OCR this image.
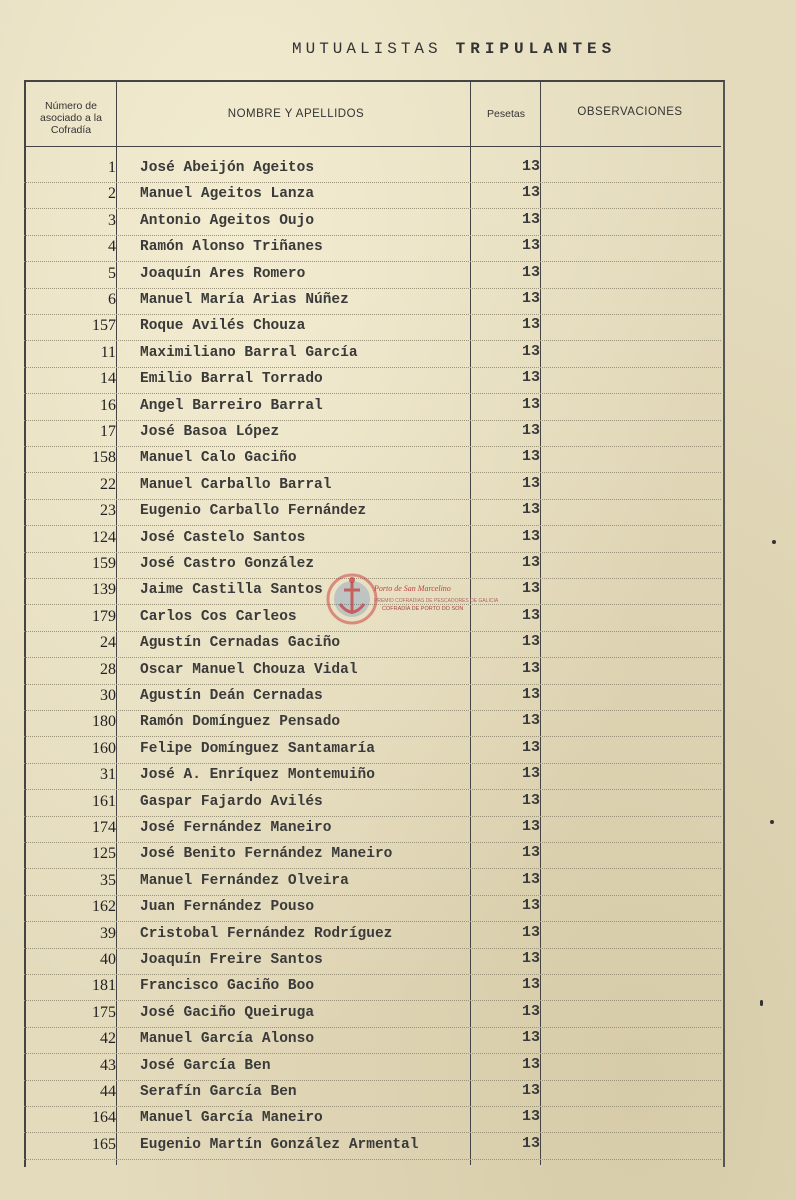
MUTUALISTAS TRIPULANTES
Número de asociado a la Cofradía
NOMBRE Y APELLIDOS	Pesetas	OBSERVACIONES
1 José Abeijón Ageitos	13
2 Manuel Ageitos Lanza	13
3 Antonio Ageitos Oujo	13
4 Ramón Alonso Triñanes	13
5 Joaquín Ares Romero	13
6 Manuel María Arias Núñez	13
157 Roque Avilés Chouza	13
11 Maximiliano Barral García	13
14 Emilio Barral Torrado	13
16 Angel Barreiro Barral	13
17 José Basoa López	13
158 Manuel Calo Gaciño	13
22 Manuel Carballo Barral	13
23 Eugenio Carballo Fernández	13
124 José Castelo Santos	13
159 José Castro González	13
139 Jaime Castilla Santos	13
179 Carlos Cos Carleos	13
24 Agustín Cernadas Gaciño	13
28 Oscar Manuel Chouza Vidal	13
30 Agustín Deán Cernadas	13
180 Ramón Domínguez Pensado	13
160 Felipe Domínguez Santamaría	13
31 José A. Enríquez Montemuiño	13
161 Gaspar Fajardo Avilés	13
174 José Fernández Maneiro	13
125 José Benito Fernández Maneiro	13
35 Manuel Fernández Olveira	13
162 Juan Fernández Pouso	13
39 Cristobal Fernández Rodríguez	13
40 Joaquín Freire Santos	13
181 Francisco Gaciño Boo	13
175 José Gaciño Queiruga	13
42 Manuel García Alonso	13
43 José García Ben	13
44 Serafín García Ben	13
164 Manuel García Maneiro	13
165 Eugenio Martín González Armental	13
Porto de San Marcelino
PREMIO COFRADIAS DE PESCADORES DE GALICIA
COFRADÍA DE PORTO DO SON
